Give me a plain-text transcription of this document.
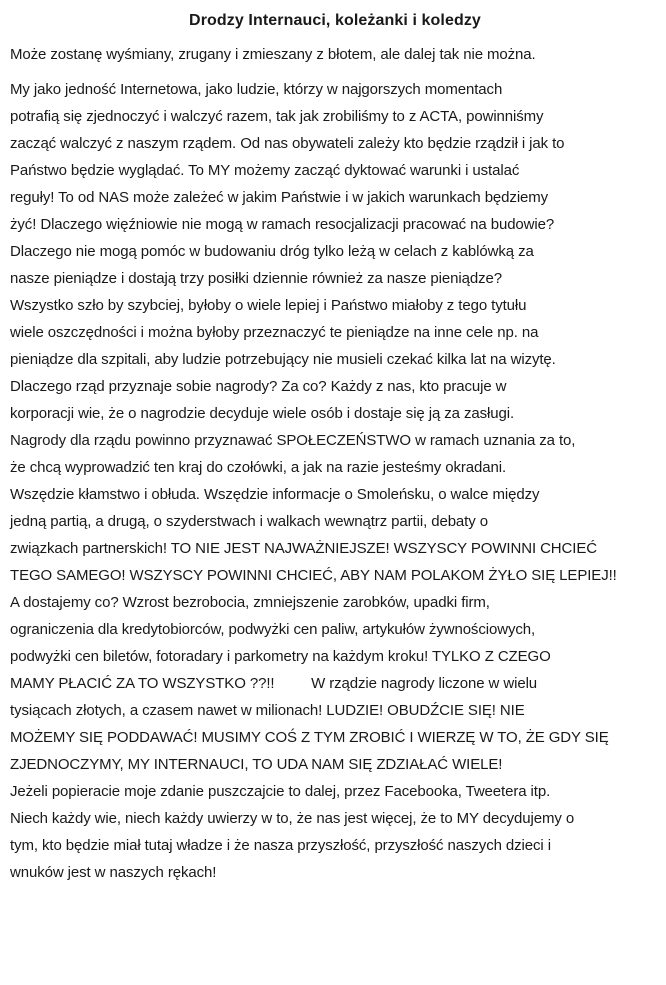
Drodzy Internauci, koleżanki i koledzy
Może zostanę wyśmiany, zrugany i zmieszany z błotem, ale dalej tak nie można.
My jako jedność Internetowa, jako ludzie, którzy w najgorszych momentach
potrafią się zjednoczyć i walczyć razem, tak jak zrobiliśmy to z ACTA, powinniśmy
zacząć walczyć z naszym rządem. Od nas obywateli zależy kto będzie rządził i jak to
Państwo będzie wyglądać. To MY możemy zacząć dyktować warunki i ustalać
reguły! To od NAS może zależeć w jakim Państwie i w jakich warunkach będziemy
żyć! Dlaczego więźniowie nie mogą w ramach resocjalizacji pracować na budowie?
Dlaczego nie mogą pomóc w budowaniu dróg tylko leżą w celach z kablówką za
nasze pieniądze i dostają trzy posiłki dziennie również za nasze pieniądze?
Wszystko szło by szybciej, byłoby o wiele lepiej i Państwo miałoby z tego tytułu
wiele oszczędności i można byłoby przeznaczyć te pieniądze na inne cele np. na
pieniądze dla szpitali, aby ludzie potrzebujący nie musieli czekać kilka lat na wizytę.
Dlaczego rząd przyznaje sobie nagrody? Za co? Każdy z nas, kto pracuje w
korporacji wie, że o nagrodzie decyduje wiele osób i dostaje się ją za zasługi.
Nagrody dla rządu powinno przyznawać SPOŁECZEŃSTWO w ramach uznania za to,
że chcą wyprowadzić ten kraj do czołówki, a jak na razie jesteśmy okradani.
Wszędzie kłamstwo i obłuda. Wszędzie informacje o Smoleńsku, o walce między
jedną partią, a drugą, o szyderstwach i walkach wewnątrz partii, debaty o
związkach partnerskich! TO NIE JEST NAJWAŻNIEJSZE! WSZYSCY POWINNI CHCIEĆ
TEGO SAMEGO! WSZYSCY POWINNI CHCIEĆ, ABY NAM POLAKOM ŻYŁO SIĘ LEPIEJ!!
A dostajemy co? Wzrost bezrobocia, zmniejszenie zarobków, upadki firm,
ograniczenia dla kredytobiorców, podwyżki cen paliw, artykułów żywnościowych,
podwyżki cen biletów, fotoradary i parkometry na każdym kroku! TYLKO Z CZEGO
MAMY PŁACIĆ ZA TO WSZYSTKO ??!!         W rządzie nagrody liczone w wielu
tysiącach złotych, a czasem nawet w milionach! LUDZIE! OBUDŹCIE SIĘ! NIE
MOŻEMY SIĘ PODDAWAĆ! MUSIMY COŚ Z TYM ZROBIĆ I WIERZĘ W TO, ŻE GDY SIĘ
ZJEDNOCZYMY, MY INTERNAUCI, TO UDA NAM SIĘ ZDZIAŁAĆ WIELE!
Jeżeli popieracie moje zdanie puszczajcie to dalej, przez Facebooka, Tweetera itp.
Niech każdy wie, niech każdy uwierzy w to, że nas jest więcej, że to MY decydujemy o
tym, kto będzie miał tutaj władze i że nasza przyszłość, przyszłość naszych dzieci i
wnuków jest w naszych rękach!
